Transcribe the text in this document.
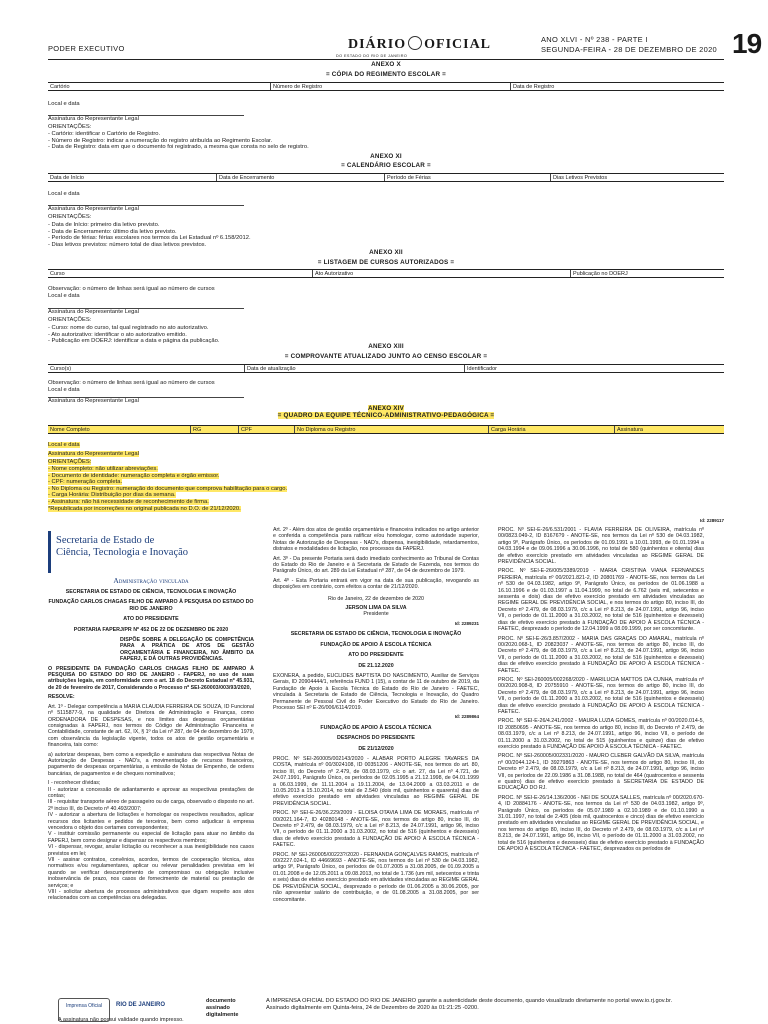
PODER EXECUTIVO	DIÁRIO OFICIAL
DO ESTADO DO RIO DE JANEIRO
ANO XLVI - Nº 238 - PARTE I
SEGUNDA-FEIRA - 28 DE DEZEMBRO DE 2020 19
ANEXO X
= CÓPIA DO REGIMENTO ESCOLAR =
Cartório	Número de Registro	Data de Registro
Local e data
Assinatura do Representante Legal
ORIENTAÇÕES:
- Cartório: identificar o Cartório de Registro.
- Número de Registro: indicar a numeração do registro atribuída ao Regimento Escolar.
- Data de Registro: data em que o documento foi registrado, a mesma que consta no selo de registro.
ANEXO XI
= CALENDÁRIO ESCOLAR =
Data de Início	Data de Encerramento	Período de Férias	Dias Letivos Previstos
Local e data
Assinatura do Representante Legal
ORIENTAÇÕES:
- Data de Início: primeiro dia letivo previsto.
- Data de Encerramento: último dia letivo previsto.
- Período de férias: férias escolares nos termos da Lei Estadual nº 6.158/2012.
- Dias letivos previstos: número total de dias letivos previstos.
ANEXO XII
= LISTAGEM DE CURSOS AUTORIZADOS =
Curso	Ato Autorizativo	Publicação no DOERJ
Observação: o número de linhas será igual ao número de cursos
Local e data
Assinatura do Representante Legal
ORIENTAÇÕES:
- Curso: nome do curso, tal qual registrado no ato autorizativo.
- Ato autorizativo: identificar o ato autorizativo emitido.
- Publicação em DOERJ: identificar a data e página da publicação.
ANEXO XIII
= COMPROVANTE ATUALIZADO JUNTO AO CENSO ESCOLAR =
Curso(s)	Data de atualização	Identificador
Observação: o número de linhas será igual ao número de cursos
Local e data
Assinatura do Representante Legal
ANEXO XIV
= QUADRO DA EQUIPE TÉCNICO-ADMINISTRATIVO-PEDAGÓGICA =
Nome Completo	RG	CPF	No Diploma ou Registro	Carga Horária	Assinatura
Local e data
Assinatura do Representante Legal
ORIENTAÇÕES:
- Nome completo: não utilizar abreviações.
- Documento de identidade: numeração completa e órgão emissor.
- CPF: numeração completa.
- No Diploma ou Registro: numeração do documento que comprova habilitação para o cargo.
- Carga Horária: Distribuição por dias da semana.
- Assinatura: não há necessidade de reconhecimento de firma.
*Republicada por incorreções no original publicada no D.O. de 21/12/2020.
Id: 2289117
Secretaria de Estado de
Ciência, Tecnologia e Inovação
Administração vinculada

SECRETARIA DE ESTADO DE CIÊNCIA, TECNOLOGIA E INOVAÇÃO

FUNDAÇÃO CARLOS CHAGAS FILHO DE AMPARO À PESQUISA DO ESTADO DO RIO DE JANEIRO

ATO DO PRESIDENTE

PORTARIA FAPERJ/PR Nº 452 DE 22 DE DEZEMBRO DE 2020

DISPÕE SOBRE A DELEGAÇÃO DE COMPETÊNCIA PARA A PRÁTICA DE ATOS DE GESTÃO ORÇAMENTÁRIA E FINANCEIRA, NO ÂMBITO DA FAPERJ, E DÁ OUTRAS PROVIDÊNCIAS.

O PRESIDENTE DA FUNDAÇÃO CARLOS CHAGAS FILHO DE AMPARO À PESQUISA DO ESTADO DO RIO DE JANEIRO - FAPERJ, no uso de suas atribuições legais, em conformidade com o art. 18 do Decreto Estadual nº 45.931, de 20 de fevereiro de 2017, Considerando o Processo nº SEI-260003/003/93/2020,

RESOLVE:

Art. 1º - Delegar competência a MARIA CLAUDIA FERREIRA DE SOUZA, ID Funcional nº 5115877-9, na qualidade de Diretora de Administração e Finanças, como ORDENADORA DE DESPESAS, e nos limites das despesas orçamentárias consignadas à FAPERJ, nos termos do Código de Administração Financeira e Contabilidade, constante de art. 62, IX, § 1º da Lei nº 287, de 04 de dezembro de 1979, com observância da legislação vigente, todos os atos de gestão orçamentária e financeira, tais como:

a) autorizar despesas, bem como a expedição e assinatura das respectivas Notas de Autorização de Despesas - NAD's, a movimentação de recursos financeiros, pagamento de despesas orçamentárias, a emissão de Notas de Empenho, de ordens bancárias, de pagamentos e de cheques nominativos;

I - reconhecer dívidas;
II - autorizar a concessão de adiantamento e aprovar as respectivas prestações de contas;
III - requisitar transporte aéreo de passageiro ou de carga, observado o disposto no art. 2º inciso III, do Decreto nº 40.493/2007;
IV - autorizar a abertura de licitações e homologar os respectivos resultados, aplicar recursos dos licitantes e pedidos de terceiros, bem como adjudicar à empresa vencedora o objeto dos certames correspondentes;
V - instituir comissão permanente ou especial de licitação para atuar no âmbito da FAPERJ, bem como designar e dispensar os respectivos membros;
VI - dispensar, revogar, anular licitação ou reconhecer a sua inexigibilidade nos casos previstos em lei;
VII - assinar contratos, convênios, acordos, termos de cooperação técnica, atos normativos e/ou regulamentares, aplicar ou relevar penalidades previstas em lei quando se verificar descumprimento de compromisso ou obrigação inclusive inobservância de prazo, nos casos de fornecimento de material ou prestação de serviços; e
VIII - solicitar abertura de processos administrativos que digam respeito aos atos relacionados com as competências ora delegadas.

Art. 2º - Além dos atos de gestão orçamentária e financeira indicados no artigo anterior e conferida a competência para ratificar e/ou homologar, como autoridade superior, Notas de Autorização de Despesas - NAD's, dispensa, inexigibilidade, retardamentos, distratos e modalidades de licitação, nos processos da FAPERJ.

Art. 3º - Da presente Portaria será dado imediato conhecimento ao Tribunal de Contas do Estado do Rio de Janeiro e à Secretaria de Estado de Fazenda, nos termos do Parágrafo Único, do art. 289 da Lei Estadual nº 287, de 04 de dezembro de 1979.

Art. 4º - Esta Portaria entrará em vigor na data de sua publicação, revogando as disposições em contrário, com efeitos a contar de 21/12/2020.

Rio de Janeiro, 22 de dezembro de 2020

JERSON LIMA DA SILVA

Presidente

Id: 2289231

SECRETARIA DE ESTADO DE CIÊNCIA, TECNOLOGIA E INOVAÇÃO

FUNDAÇÃO DE APOIO À ESCOLA TÉCNICA

ATO DO PRESIDENTE

DE 21.12.2020

EXONERA, a pedido, EUCLIDES BAPTISTA DO NASCIMENTO, Auxiliar de Serviços Gerais, ID 20904444/1, referência FUND 1 (15), a contar de 11 de outubro de 2019, da Fundação de Apoio à Escola Técnica do Estado do Rio de Janeiro - FAETEC, vinculada à Secretaria de Estado de Ciência, Tecnologia e Inovação, do Quadro Permanente de Pessoal Civil do Poder Executivo do Estado do Rio de Janeiro. Processo SEI nº E-26/006/6114/2019.

Id: 2289864

FUNDAÇÃO DE APOIO À ESCOLA TÉCNICA

DESPACHOS DO PRESIDENTE

DE 21/12/2020

PROC. Nº SEI-260005/002143/2020 - ALABAR PORTO ALEGRE TAVARES DA COSTA, matrícula nº 00/3024108, ID 00351206 - ANOTE-SE, nos termos do art. 80, inciso III, do Decreto nº 2.479, de 08.03.1979, c/c o art. 27, da Lei nº 4.721, de 24.07.1991, Parágrafo Único, os períodos de 02.05.1995 a 21.12.1998, de 04.01.1999 a 06.03.1999, de 11.11.2004 a 19.11.2004, de 13.04.2009 a 03.03.2011 e de 10.05.2013 a 15.10.2014, no total de 2.540 (dois mil, quinhentos e quarenta) dias de efetivo exercício prestado em atividades vinculadas ao REGIME GERAL DE PREVIDÊNCIA SOCIAL.

PROC. Nº SEI-E-26/36.229/2009 - ELOISA OTAVIA LIMA DE MORAES, matrícula nº 00/2021.164-7, ID 40280148 - ANOTE-SE, nos termos do artigo 80, inciso III, do Decreto nº 2.479, de 08.03.1979, c/c a Lei nº 8.213, de 24.07.1991, artigo 96, inciso VII, o período de 01.11.2000 a 31.03.2002, no total de 516 (quinhentos e dezesseis) dias de efetivo exercício prestado à FUNDAÇÃO DE APOIO À ESCOLA TÉCNICA - FAETEC.

PROC. Nº SEI-260005/00223?/2020 - FERNANDA GONÇALVES RAMOS, matrícula nº 00/2227.024-1, ID 44669693 - ANOTE-SE, nos termos do Lei nº 530 de 04.03.1982, artigo 9º, Parágrafo Único, os períodos de 01.07.2005 a 31.08.2005, de 01.09.2005 a 01.01.2008 e de 12.05.2011 a 09.08.2013, no total de 1.736 (um mil, setecentos e trinta e seis) dias de efetivo exercício prestado em atividades vinculadas ao REGIME GERAL DE PREVIDÊNCIA SOCIAL, desprezado o período de 01.06.2005 a 30.06.2005, por não apresentar salário de contribuição, e de 01.08.2005 a 31.08.2005, por ser concomitante.

PROC. Nº SEI-E-26/6.531/2001 - FLAVIA FERREIRA DE OLIVEIRA, matrícula nº 00/0823.049-2, ID 81676?9 - ANOTE-SE, nos termos da Lei nº 530 de 04.03.1982, artigo 9º, Parágrafo Único, os períodos de 01.09.1991 a 10.01.1993, de 01.01.1994 a 04.03.1994 e de 09.06.1996 a 30.06.1996, no total de 580 (quinhentos e oitenta) dias de efetivo exercício prestado em atividades vinculadas ao REGIME GERAL DE PREVIDÊNCIA SOCIAL.

PROC. Nº SEI-E-26/005/3389/2019 - MARIA CRISTINA VIANA FERNANDES PEREIRA, matrícula nº 00/2021.821-2, ID 20801769 - ANOTE-SE, nos termos da Lei nº 530 de 04.03.1982, artigo 9º, Parágrafo Único, os períodos de 01.06.1988 a 16.10.1996 e de 01.03.1997 a 11.04.1999, no total de 6.762 (seis mil, setecentos e sessenta e dois) dias de efetivo exercício prestado em atividades vinculadas ao REGIME GERAL DE PREVIDÊNCIA SOCIAL, e nos termos do artigo 80, inciso III, do Decreto nº 2.479, de 08.03.1979, c/c a Lei nº 8.213, de 24.07.1991, artigo 96, inciso VII, o período de 01.11.2000 a 31.03.2002, no total de 516 (quinhentos e dezesseis) dias de efetivo exercício prestado à FUNDAÇÃO DE APOIO À ESCOLA TÉCNICA - FAETEC, desprezado o período de 12.04.1999 a 08.09.1999, por ser concomitante.

PROC. Nº SEI-E-26/3.857/2002 - MARIA DAS GRAÇAS DO AMARAL, matrícula nº 00/2020.068-1, ID 20823037 - ANOTE-SE, nos termos do artigo 80, inciso III, do Decreto nº 2.479, de 08.03.1979, c/c a Lei nº 8.213, de 24.07.1991, artigo 96, inciso VII, o período de 01.11.2000 a 31.03.2002, no total de 516 (quinhentos e dezesseis) dias de efetivo exercício prestado à FUNDAÇÃO DE APOIO À ESCOLA TÉCNICA - FAETEC.

PROC. Nº SEI-260005/002268/2020 - MARILUCIA MATTOS DA CUNHA, matrícula nº 00/2020.908-8, ID 20755910 - ANOTE-SE, nos termos do artigo 80, inciso III, do Decreto nº 2.479, de 08.03.1979, c/c a Lei nº 8.213, de 24.07.1991, artigo 96, inciso VII, o período de 01.11.2000 a 31.03.2002, no total de 516 (quinhentos e dezesseis) dias de efetivo exercício prestado à FUNDAÇÃO DE APOIO À ESCOLA TÉCNICA - FAETEC.

PROC. Nº SEI-E-26/4.241/2002 - MAURA LUZIA GOMES, matrícula nº 00/2020.014-5, ID 20850695 - ANOTE-SE, nos termos do artigo 80, inciso III, do Decreto nº 2.479, de 08.03.1979, c/c a Lei nº 8.213, de 24.07.1991, artigo 96, inciso VII, o período de 01.11.2000 a 31.03.2002, no total de 515 (quinhentos e quinze) dias de efetivo exercício prestado à FUNDAÇÃO DE APOIO À ESCOLA TÉCNICA - FAETEC.

PROC. Nº SEI-260005/002331/2020 - MAURO CLEBER GALVÃO DA SILVA, matrícula nº 00/2044.124-1, ID 39279863 - ANOTE-SE, nos termos do artigo 80, inciso III, do Decreto nº 2.479, de 08.03.1979, c/c a Lei nº 8.213, de 24.07.1991, artigo 96, inciso VII, os períodos de 22.09.1986 a 31.08.1988, no total de 464 (quatrocentos e sessenta e quatro) dias de efetivo exercício prestado à SECRETARIA DE ESTADO DE EDUCAÇÃO DO RJ.

PROC. Nº SEI-E-26/14.136/2006 - NEI DE SOUZA SALLES, matrícula nº 00/2020.670-4, ID 20884176 - ANOTE-SE, nos termos da Lei nº 530 de 04.03.1982, artigo 9º, Parágrafo Único, os períodos de 05.07.1989 a 02.10.1989 e de 01.10.1990 a 31.01.1997, no total de 2.405 (dois mil, quatrocentos e cinco) dias de efetivo exercício prestado em atividades vinculadas ao REGIME GERAL DE PREVIDÊNCIA SOCIAL, e nos termos do artigo 80, inciso III, do Decreto nº 2.479, de 08.03.1979, c/c a Lei nº 8.213, de 24.07.1991, artigo 96, inciso VII, o período de 01.11.2000 a 31.03.2002, no total de 516 (quinhentos e dezesseis) dias de efetivo exercício prestado à FUNDAÇÃO DE APOIO À ESCOLA TÉCNICA - FAETEC, desprezados os períodos de

Imprensa Oficial	RIO DE JANEIRO
documento
assinado
digitalmente
A IMPRENSA OFICIAL DO ESTADO DO RIO DE JANEIRO garante a autenticidade deste documento, quando visualizado diretamente no portal www.io.rj.gov.br.
Assinado digitalmente em Quinta-feira, 24 de Dezembro de 2020 às 01:21:25 -0200.
A assinatura não possui validade quando impresso.
